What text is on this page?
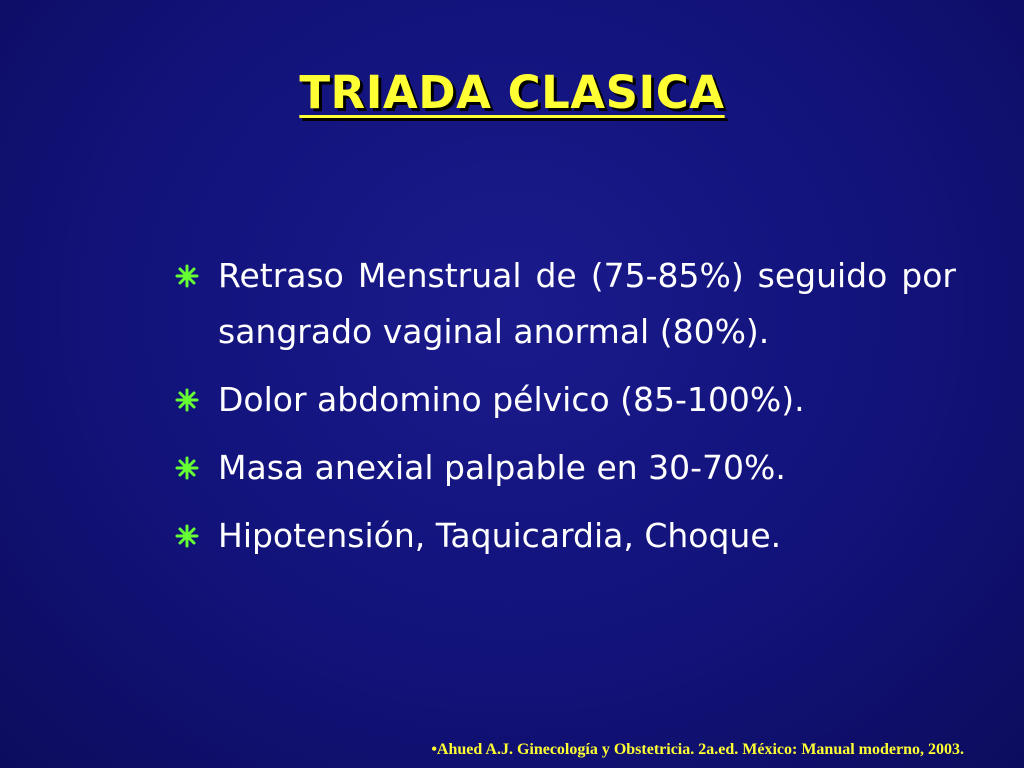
TRIADA CLASICA
Retraso Menstrual de (75-85%) seguido por sangrado vaginal anormal (80%).
Dolor abdomino pélvico (85-100%).
Masa anexial palpable en 30-70%.
Hipotensión, Taquicardia, Choque.
•Ahued A.J. Ginecología y Obstetricia. 2a.ed. México: Manual moderno, 2003.
